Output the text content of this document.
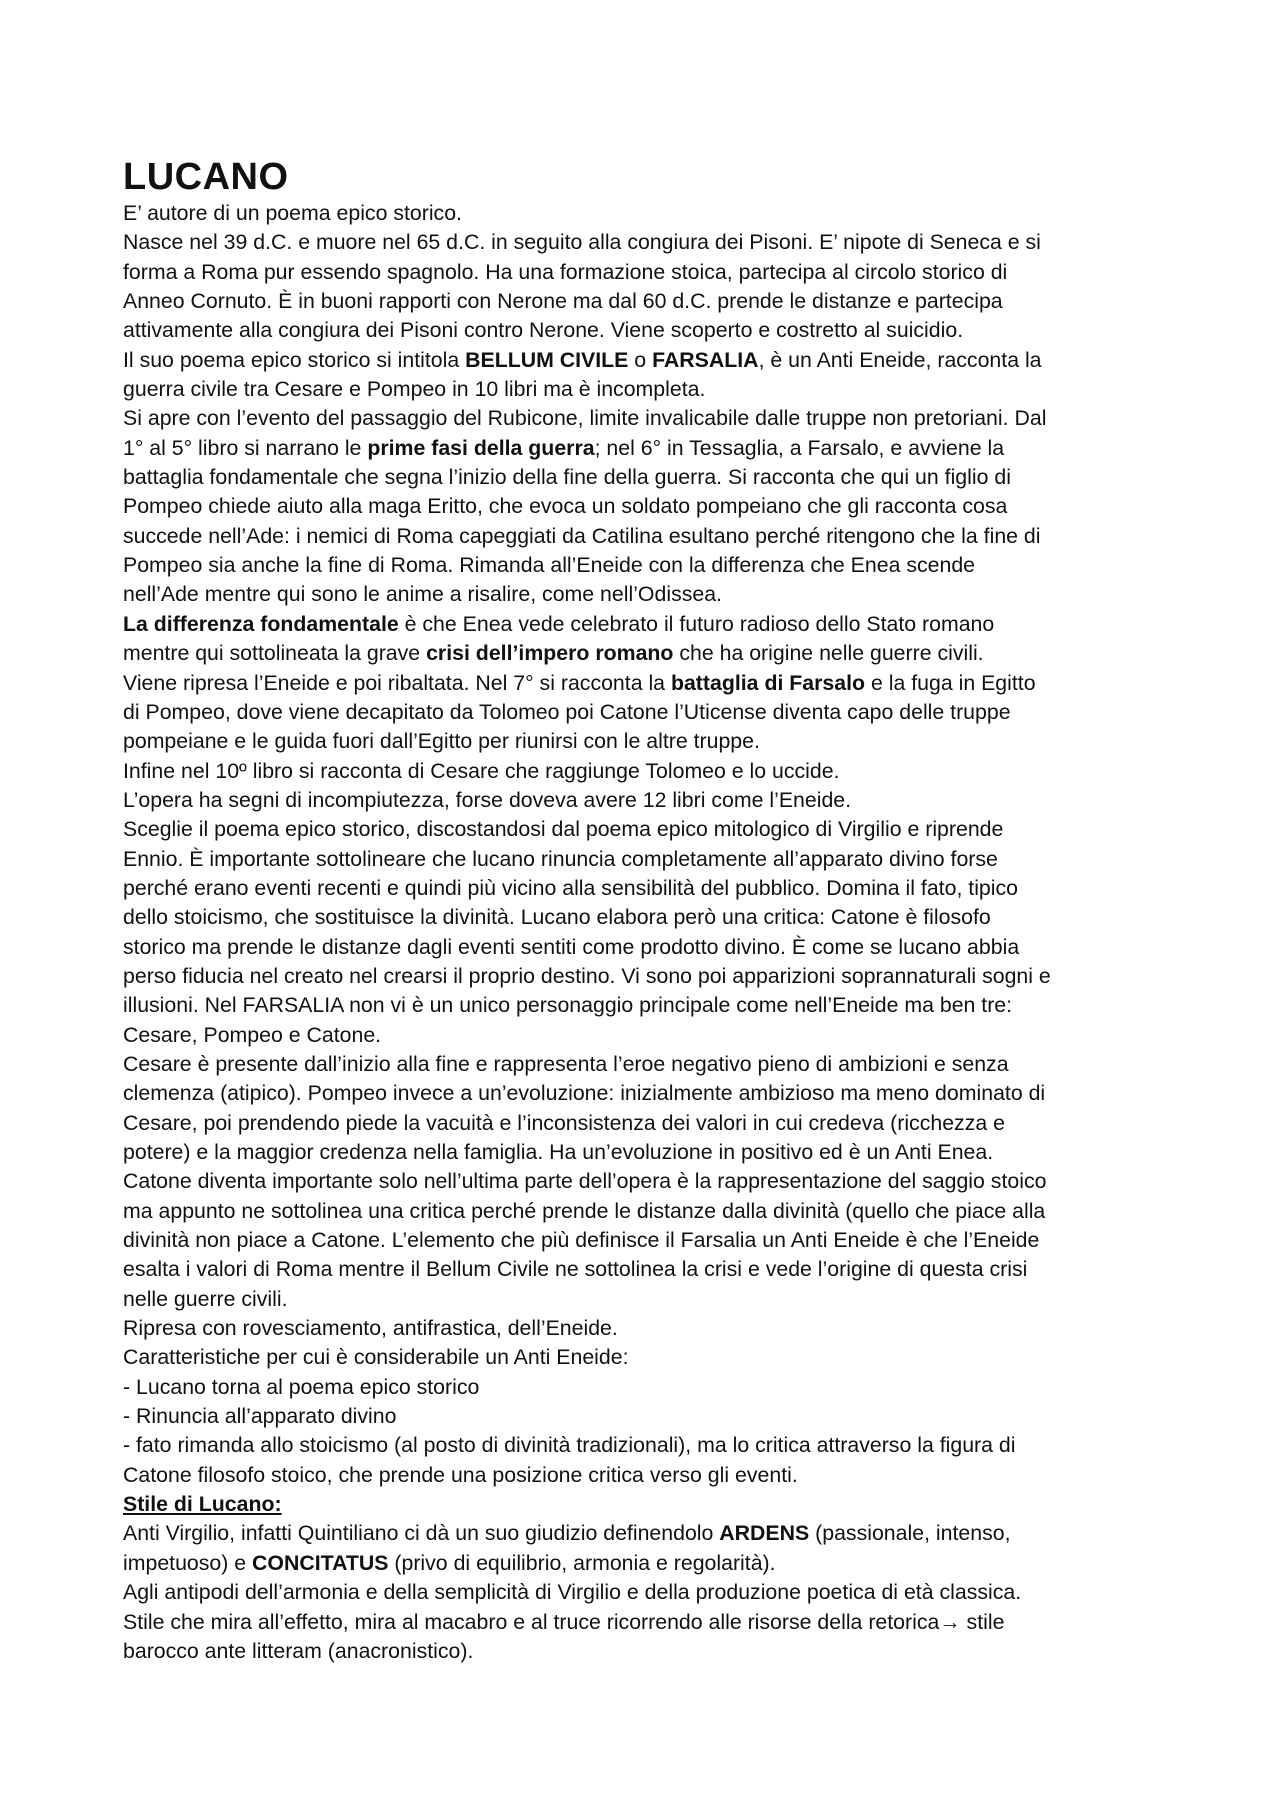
LUCANO
E’ autore di un poema epico storico.
Nasce nel 39 d.C. e muore nel 65 d.C. in seguito alla congiura dei Pisoni. E’ nipote di Seneca e si
forma a Roma pur essendo spagnolo. Ha una formazione stoica, partecipa al circolo storico di
Anneo Cornuto. È in buoni rapporti con Nerone ma dal 60 d.C. prende le distanze e partecipa
attivamente alla congiura dei Pisoni contro Nerone. Viene scoperto e costretto al suicidio.
Il suo poema epico storico si intitola BELLUM CIVILE o FARSALIA, è un Anti Eneide, racconta la
guerra civile tra Cesare e Pompeo in 10 libri ma è incompleta.
Si apre con l’evento del passaggio del Rubicone, limite invalicabile dalle truppe non pretoriani. Dal
1° al 5° libro si narrano le prime fasi della guerra; nel 6° in Tessaglia, a Farsalo, e avviene la
battaglia fondamentale che segna l’inizio della fine della guerra. Si racconta che qui un figlio di
Pompeo chiede aiuto alla maga Eritto, che evoca un soldato pompeiano che gli racconta cosa
succede nell’Ade: i nemici di Roma capeggiati da Catilina esultano perché ritengono che la fine di
Pompeo sia anche la fine di Roma. Rimanda all’Eneide con la differenza che Enea scende
nell’Ade mentre qui sono le anime a risalire, come nell’Odissea.
La differenza fondamentale è che Enea vede celebrato il futuro radioso dello Stato romano
mentre qui sottolineata la grave crisi dell’impero romano che ha origine nelle guerre civili.
Viene ripresa l’Eneide e poi ribaltata. Nel 7° si racconta la battaglia di Farsalo e la fuga in Egitto
di Pompeo, dove viene decapitato da Tolomeo poi Catone l’Uticense diventa capo delle truppe
pompeiane e le guida fuori dall’Egitto per riunirsi con le altre truppe.
Infine nel 10º libro si racconta di Cesare che raggiunge Tolomeo e lo uccide.
L’opera ha segni di incompiutezza, forse doveva avere 12 libri come l’Eneide.
Sceglie il poema epico storico, discostandosi dal poema epico mitologico di Virgilio e riprende
Ennio. È importante sottolineare che lucano rinuncia completamente all’apparato divino forse
perché erano eventi recenti e quindi più vicino alla sensibilità del pubblico. Domina il fato, tipico
dello stoicismo, che sostituisce la divinità. Lucano elabora però una critica: Catone è filosofo
storico ma prende le distanze dagli eventi sentiti come prodotto divino. È come se lucano abbia
perso fiducia nel creato nel crearsi il proprio destino. Vi sono poi apparizioni soprannaturali sogni e
illusioni. Nel FARSALIA non vi è un unico personaggio principale come nell’Eneide ma ben tre:
Cesare, Pompeo e Catone.
Cesare è presente dall’inizio alla fine e rappresenta l’eroe negativo pieno di ambizioni e senza
clemenza (atipico). Pompeo invece a un’evoluzione: inizialmente ambizioso ma meno dominato di
Cesare, poi prendendo piede la vacuità e l’inconsistenza dei valori in cui credeva (ricchezza e
potere) e la maggior credenza nella famiglia. Ha un’evoluzione in positivo ed è un Anti Enea.
Catone diventa importante solo nell’ultima parte dell’opera è la rappresentazione del saggio stoico
ma appunto ne sottolinea una critica perché prende le distanze dalla divinità (quello che piace alla
divinità non piace a Catone. L’elemento che più definisce il Farsalia un Anti Eneide è che l’Eneide
esalta i valori di Roma mentre il Bellum Civile ne sottolinea la crisi e vede l’origine di questa crisi
nelle guerre civili.
Ripresa con rovesciamento, antifrastica, dell’Eneide.
Caratteristiche per cui è considerabile un Anti Eneide:
- Lucano torna al poema epico storico
- Rinuncia all’apparato divino
- fato rimanda allo stoicismo (al posto di divinità tradizionali), ma lo critica attraverso la figura di
Catone filosofo stoico, che prende una posizione critica verso gli eventi.
Stile di Lucano:
Anti Virgilio, infatti Quintiliano ci dà un suo giudizio definendolo ARDENS (passionale, intenso,
impetuoso) e CONCITATUS (privo di equilibrio, armonia e regolarità).
Agli antipodi dell’armonia e della semplicità di Virgilio e della produzione poetica di età classica.
Stile che mira all’effetto, mira al macabro e al truce ricorrendo alle risorse della retorica→ stile
barocco ante litteram (anacronistico).
